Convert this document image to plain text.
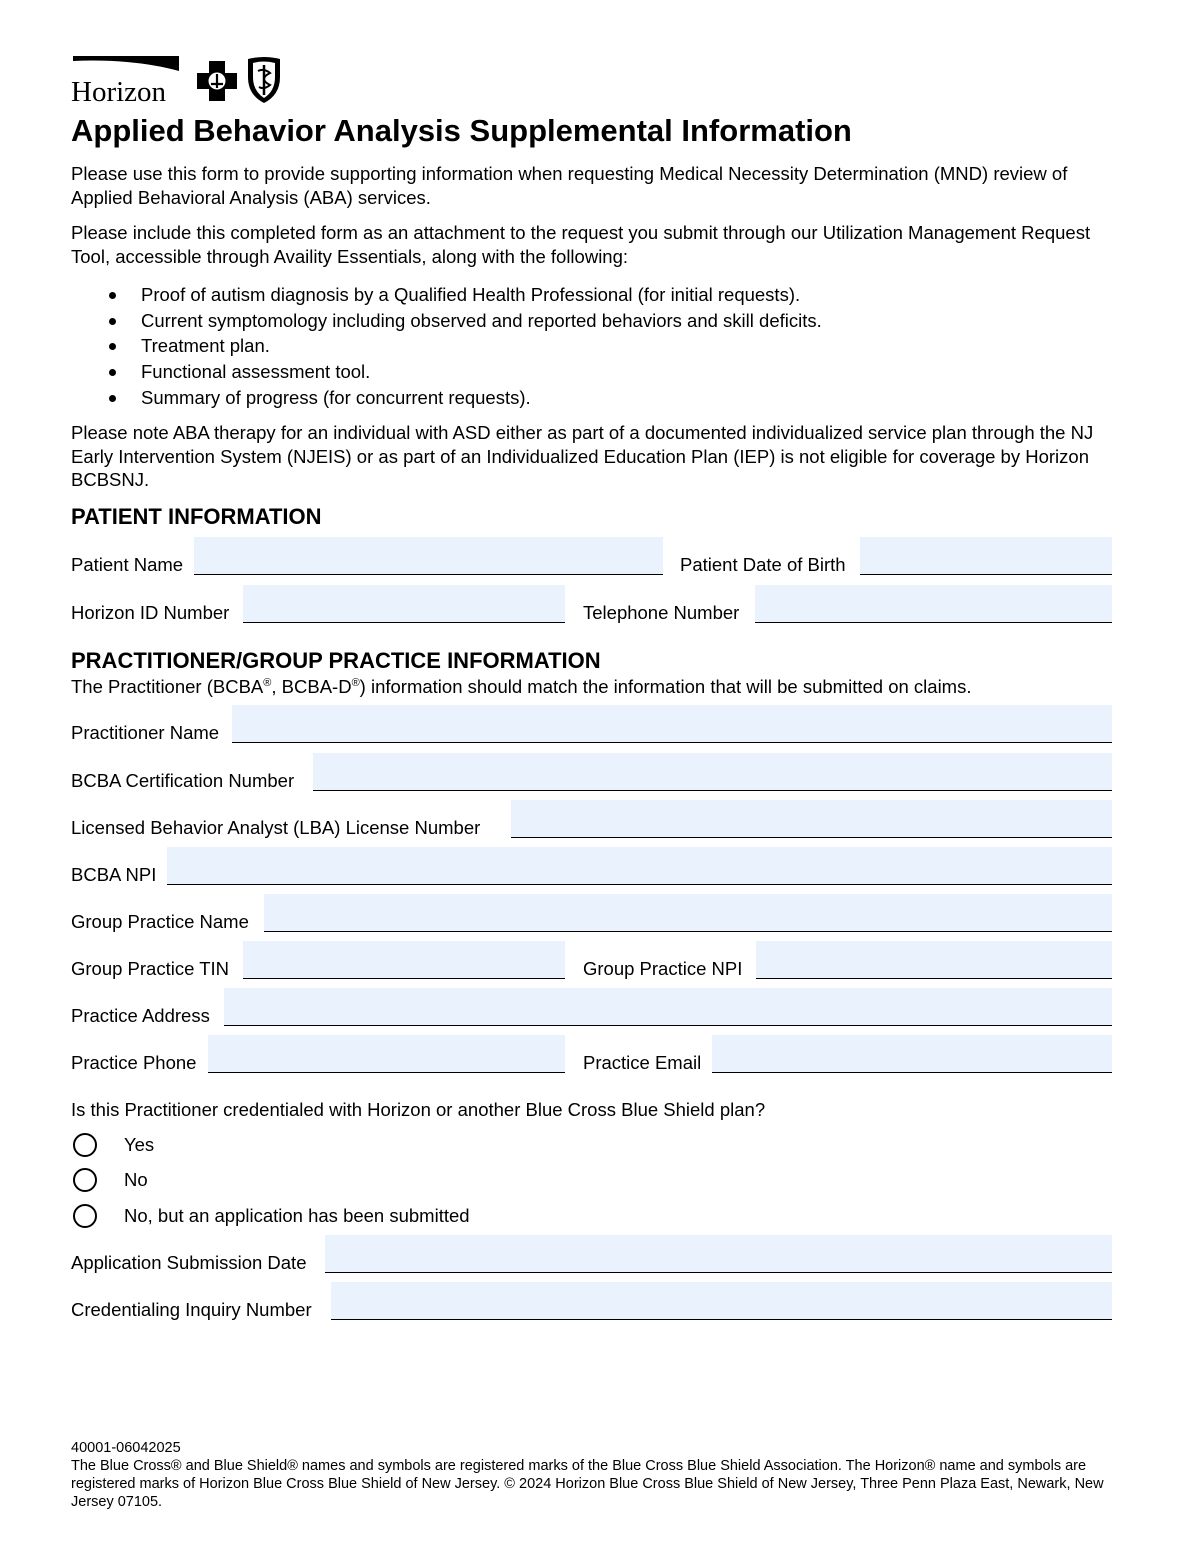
Horizon
Applied Behavior Analysis Supplemental Information

Please use this form to provide supporting information when requesting Medical Necessity Determination (MND) review of Applied Behavioral Analysis (ABA) services.

Please include this completed form as an attachment to the request you submit through our Utilization Management Request Tool, accessible through Availity Essentials, along with the following:

Proof of autism diagnosis by a Qualified Health Professional (for initial requests).
Current symptomology including observed and reported behaviors and skill deficits.
Treatment plan.
Functional assessment tool.
Summary of progress (for concurrent requests).

Please note ABA therapy for an individual with ASD either as part of a documented individualized service plan through the NJ Early Intervention System (NJEIS) or as part of an Individualized Education Plan (IEP) is not eligible for coverage by Horizon BCBSNJ.

PATIENT INFORMATION
Patient Name	Patient Date of Birth
Horizon ID Number	Telephone Number
PRACTITIONER/GROUP PRACTICE INFORMATION
The Practitioner (BCBA®, BCBA-D®) information should match the information that will be submitted on claims.
Practitioner Name
BCBA Certification Number
Licensed Behavior Analyst (LBA) License Number
BCBA NPI
Group Practice Name
Group Practice TIN	Group Practice NPI
Practice Address
Practice Phone	Practice Email
Is this Practitioner credentialed with Horizon or another Blue Cross Blue Shield plan?
Yes
No
No, but an application has been submitted
Application Submission Date
Credentialing Inquiry Number

40001-06042025

The Blue Cross® and Blue Shield® names and symbols are registered marks of the Blue Cross Blue Shield Association. The Horizon® name and symbols are registered marks of Horizon Blue Cross Blue Shield of New Jersey. © 2024 Horizon Blue Cross Blue Shield of New Jersey, Three Penn Plaza East, Newark, New Jersey 07105.
